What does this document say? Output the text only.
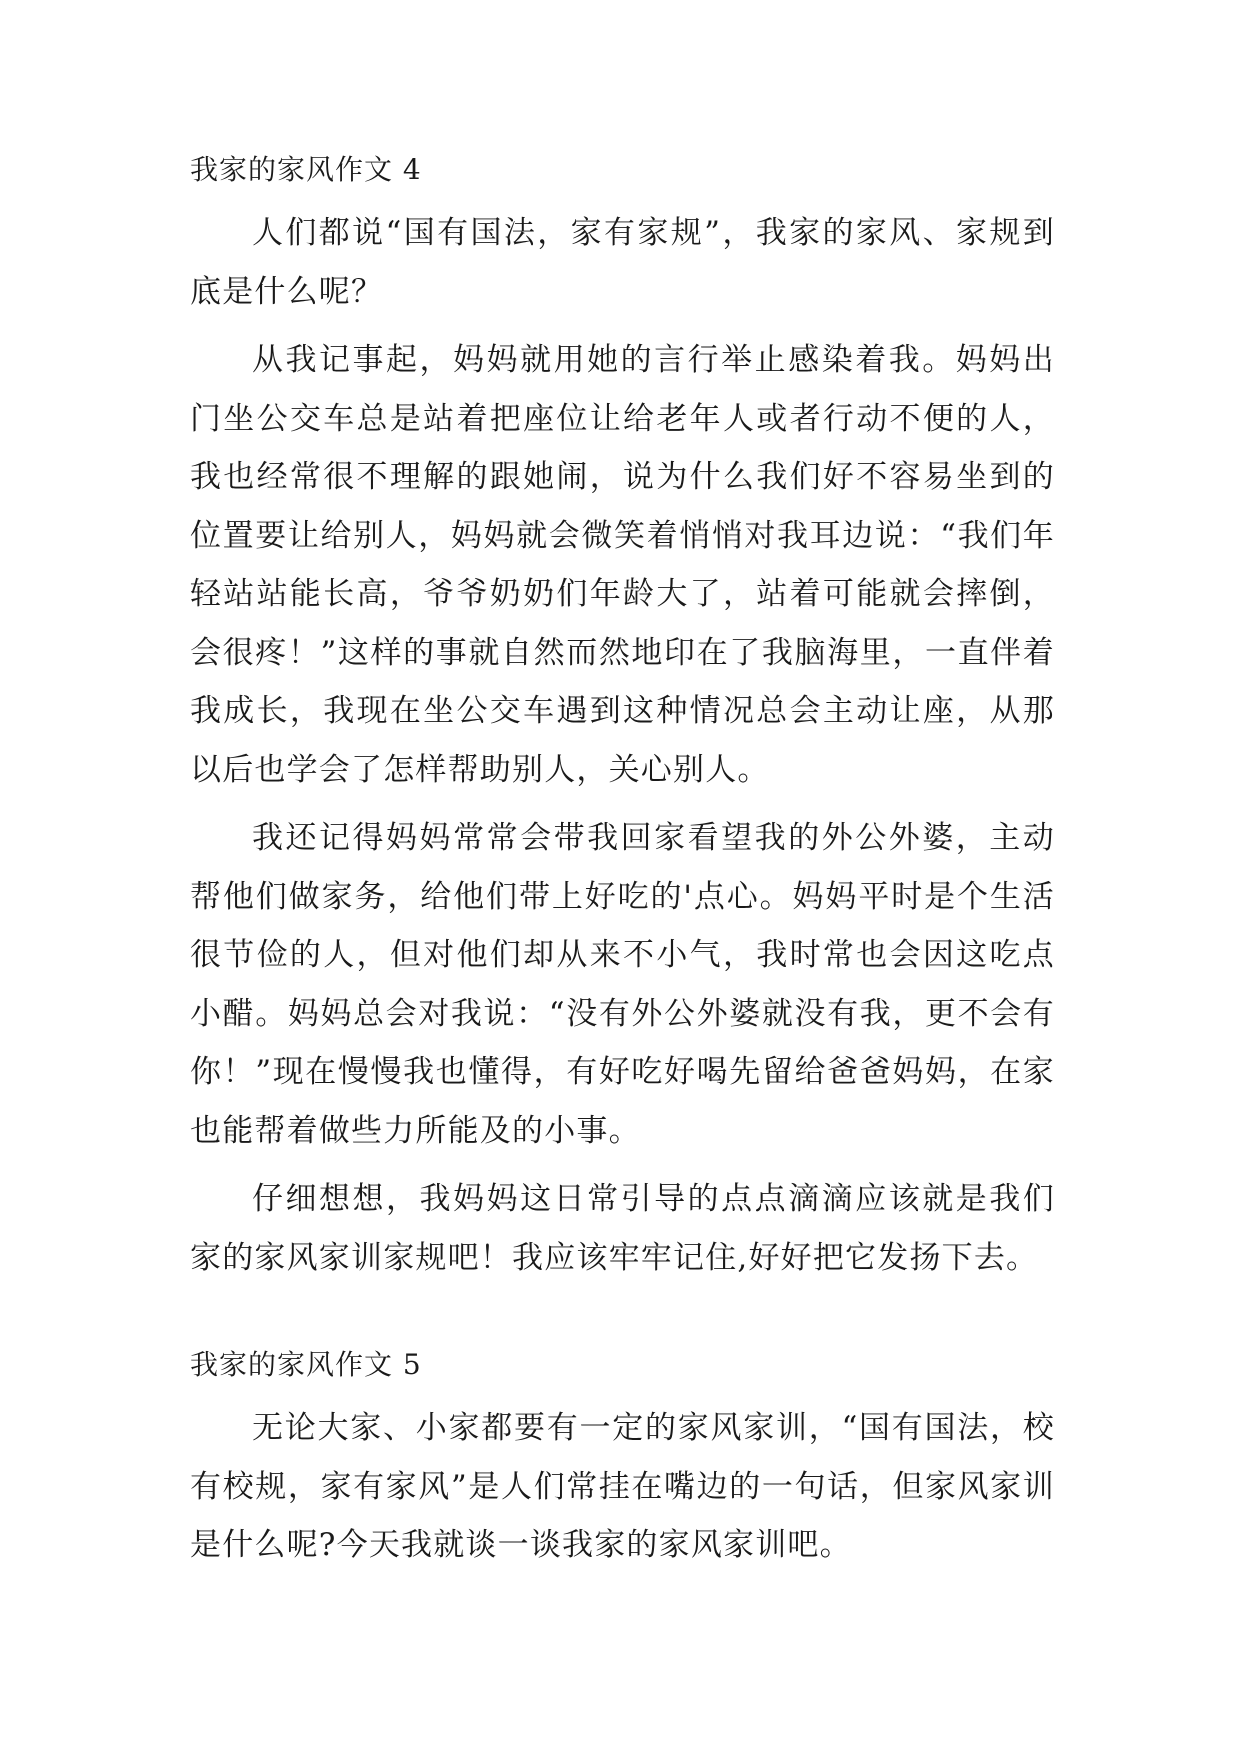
我家的家风作文 4

人们都说“国有国法，家有家规”，我家的家风、家规到底是什么呢？

从我记事起，妈妈就用她的言行举止感染着我。妈妈出门坐公交车总是站着把座位让给老年人或者行动不便的人，我也经常很不理解的跟她闹，说为什么我们好不容易坐到的位置要让给别人，妈妈就会微笑着悄悄对我耳边说：“我们年轻站站能长高，爷爷奶奶们年龄大了，站着可能就会摔倒，会很疼！”这样的事就自然而然地印在了我脑海里，一直伴着我成长，我现在坐公交车遇到这种情况总会主动让座，从那以后也学会了怎样帮助别人，关心别人。

我还记得妈妈常常会带我回家看望我的外公外婆，主动帮他们做家务，给他们带上好吃的'点心。妈妈平时是个生活很节俭的人，但对他们却从来不小气，我时常也会因这吃点小醋。妈妈总会对我说：“没有外公外婆就没有我，更不会有你！”现在慢慢我也懂得，有好吃好喝先留给爸爸妈妈，在家也能帮着做些力所能及的小事。

仔细想想，我妈妈这日常引导的点点滴滴应该就是我们家的家风家训家规吧！我应该牢牢记住,好好把它发扬下去。

我家的家风作文 5

无论大家、小家都要有一定的家风家训，“国有国法，校有校规，家有家风”是人们常挂在嘴边的一句话，但家风家训是什么呢?今天我就谈一谈我家的家风家训吧。
